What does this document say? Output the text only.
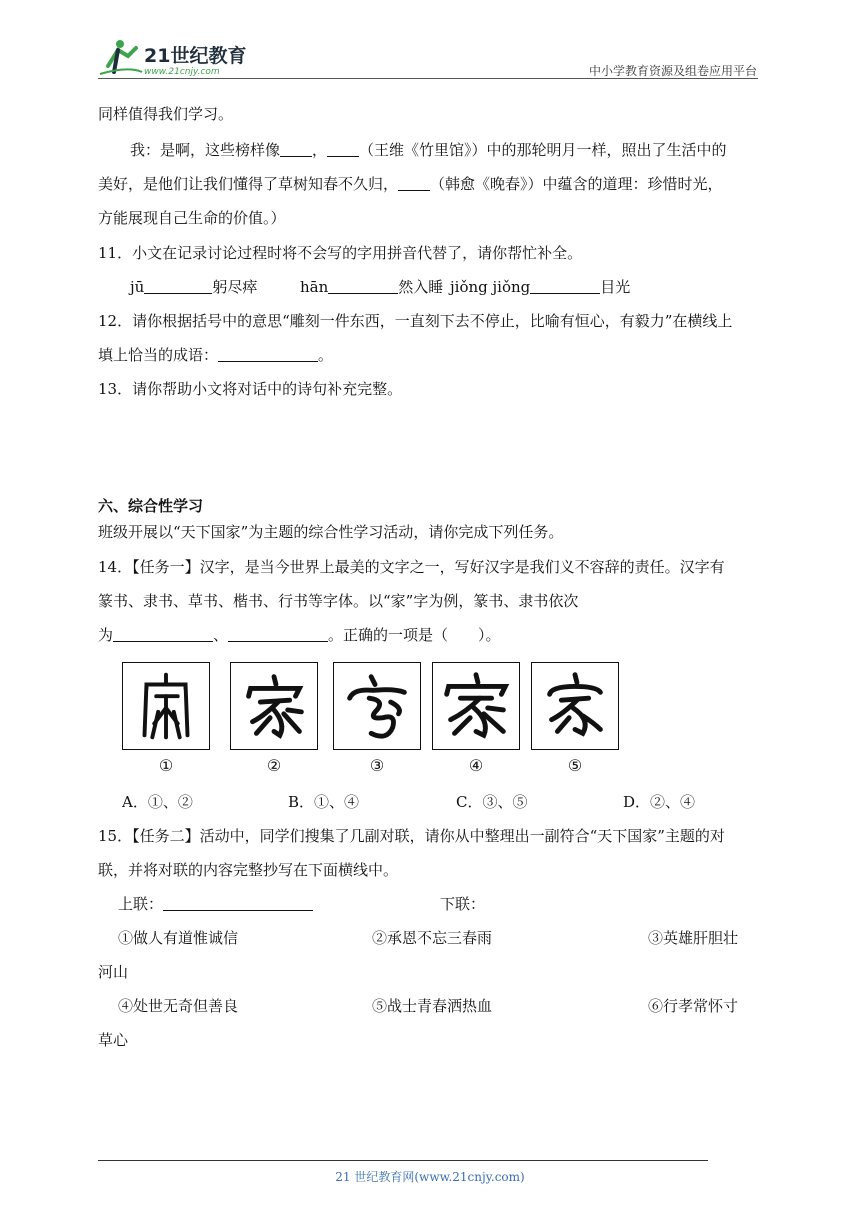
21世纪教育
www.21cnjy.com	中小学教育资源及组卷应用平台
同样值得我们学习。
我：是啊，这些榜样像 ， （王维《竹里馆》）中的那轮明月一样，照出了生活中的
美好，是他们让我们懂得了草树知春不久归， （韩愈《晚春》）中蕴含的道理：珍惜时光，
方能展现自己生命的价值。）
11．小文在记录讨论过程时将不会写的字用拼音代替了，请你帮忙补全。
jū	躬尽瘁	hān	然入睡 jiǒng jiǒng	目光
12．请你根据括号中的意思“雕刻一件东西，一直刻下去不停止，比喻有恒心，有毅力”在横线上
填上恰当的成语：	。
13．请你帮助小文将对话中的诗句补充完整。
六、综合性学习
班级开展以“天下国家”为主题的综合性学习活动，请你完成下列任务。
14．【任务一】汉字，是当今世界上最美的文字之一，写好汉字是我们义不容辞的责任。汉字有
篆书、隶书、草书、楷书、行书等字体。以“家”字为例，篆书、隶书依次
为	、	。正确的一项是（　　）。
①	②	③	④	⑤
A．①、②	B．①、④	C．③、⑤	D．②、④
15．【任务二】活动中，同学们搜集了几副对联，请你从中整理出一副符合“天下国家”主题的对
联，并将对联的内容完整抄写在下面横线中。
上联：	下联：
①做人有道惟诚信	②承恩不忘三春雨	③英雄肝胆壮
河山
④处世无奇但善良	⑤战士青春洒热血	⑥行孝常怀寸
草心
21 世纪教育网(www.21cnjy.com)
